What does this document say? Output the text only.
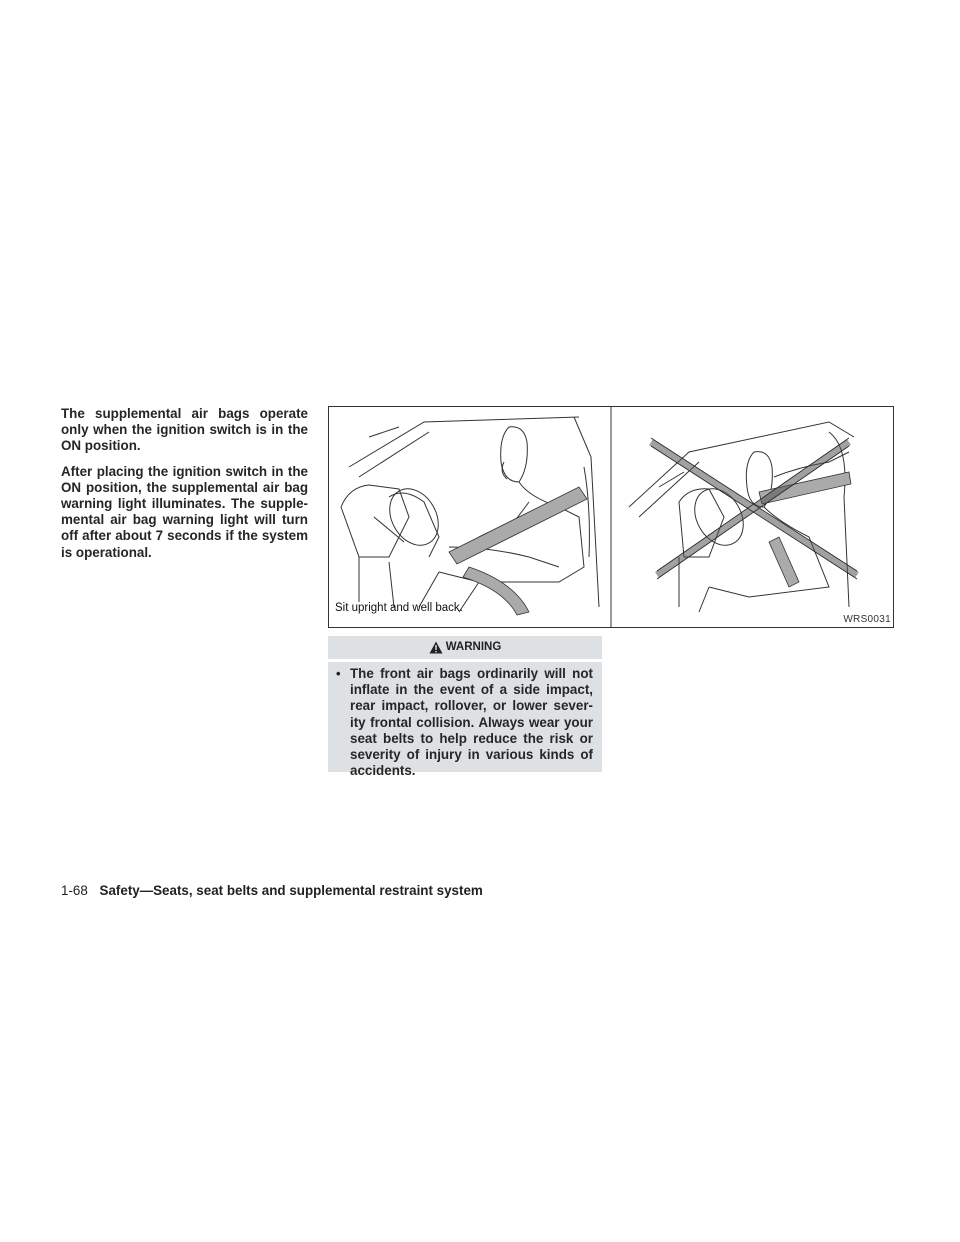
The supplemental air bags operate only when the ignition switch is in the ON position.

After placing the ignition switch in the ON position, the supplemental air bag warning light illuminates. The supple-mental air bag warning light will turn off after about 7 seconds if the system is operational.

Sit upright and well back.
WRS0031
WARNING
• The front air bags ordinarily will not inflate in the event of a side impact, rear impact, rollover, or lower sever-ity frontal collision. Always wear your seat belts to help reduce the risk or severity of injury in various kinds of accidents.
1-68 Safety—Seats, seat belts and supplemental restraint system
